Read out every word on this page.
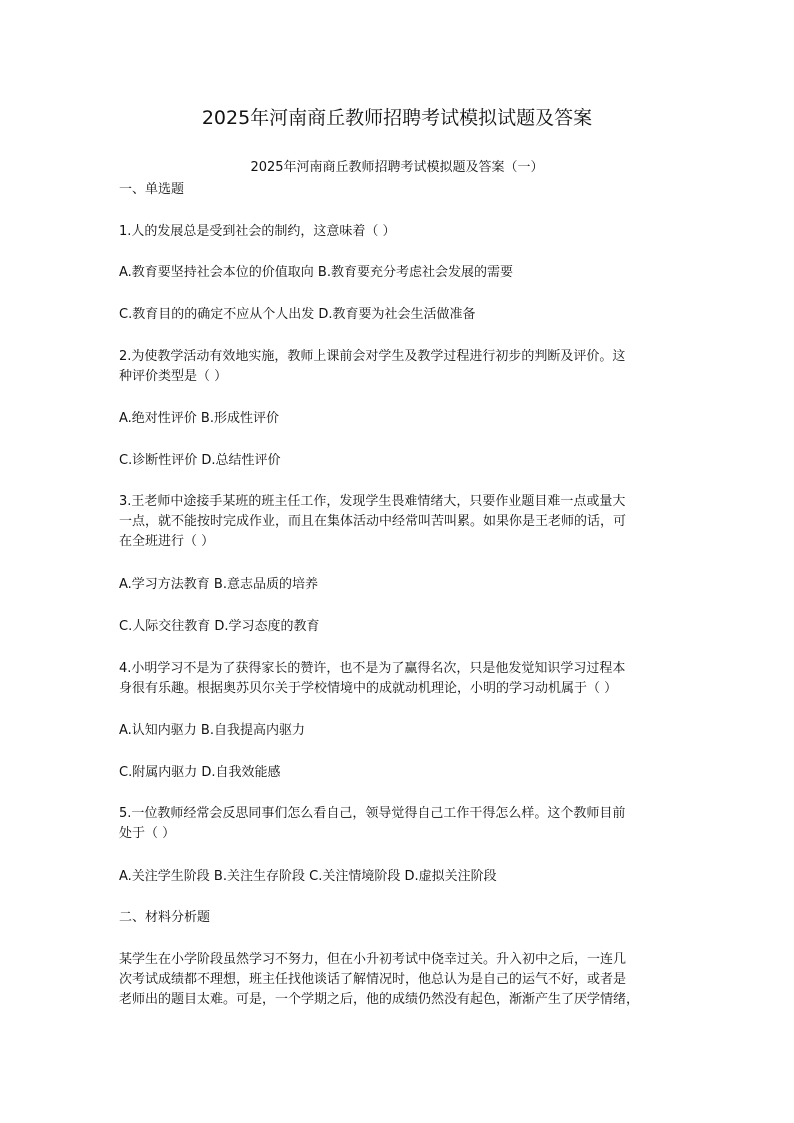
2025年河南商丘教师招聘考试模拟试题及答案
2025年河南商丘教师招聘考试模拟题及答案（一）
一、单选题
1.人的发展总是受到社会的制约，这意味着（ ）
A.教育要坚持社会本位的价值取向 B.教育要充分考虑社会发展的需要
C.教育目的的确定不应从个人出发 D.教育要为社会生活做准备
2.为使教学活动有效地实施，教师上课前会对学生及教学过程进行初步的判断及评价。这
种评价类型是（ ）
A.绝对性评价 B.形成性评价
C.诊断性评价 D.总结性评价
3.王老师中途接手某班的班主任工作，发现学生畏难情绪大，只要作业题目难一点或量大
一点，就不能按时完成作业，而且在集体活动中经常叫苦叫累。如果你是王老师的话，可
在全班进行（ ）
A.学习方法教育 B.意志品质的培养
C.人际交往教育 D.学习态度的教育
4.小明学习不是为了获得家长的赞许，也不是为了赢得名次，只是他发觉知识学习过程本
身很有乐趣。根据奥苏贝尔关于学校情境中的成就动机理论，小明的学习动机属于（ ）
A.认知内驱力 B.自我提高内驱力
C.附属内驱力 D.自我效能感
5.一位教师经常会反思同事们怎么看自己，领导觉得自己工作干得怎么样。这个教师目前
处于（ ）
A.关注学生阶段 B.关注生存阶段 C.关注情境阶段 D.虚拟关注阶段
二、材料分析题
某学生在小学阶段虽然学习不努力，但在小升初考试中侥幸过关。升入初中之后，一连几
次考试成绩都不理想，班主任找他谈话了解情况时，他总认为是自己的运气不好，或者是
老师出的题目太难。可是，一个学期之后，他的成绩仍然没有起色，渐渐产生了厌学情绪，
